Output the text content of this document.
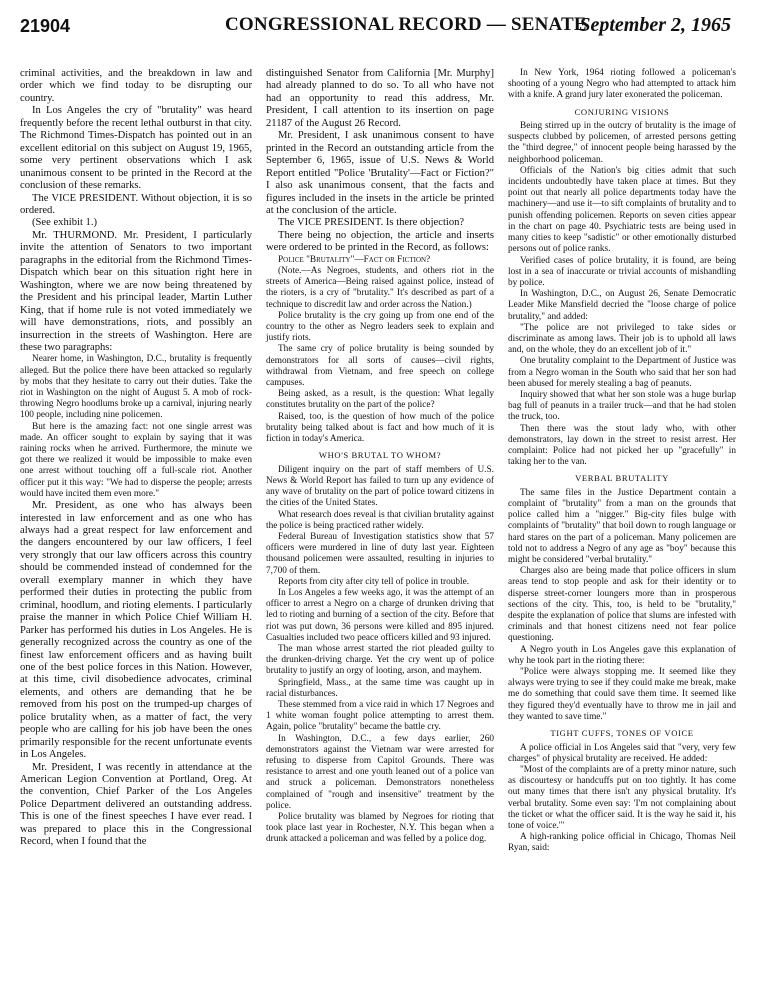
21904	CONGRESSIONAL RECORD — SENATE
September 2, 1965

criminal activities, and the breakdown in law and order which we find today to be disrupting our country.

In Los Angeles the cry of "brutality" was heard frequently before the recent lethal outburst in that city. The Richmond Times-Dispatch has pointed out in an excellent editorial on this subject on August 19, 1965, some very pertinent observations which I ask unanimous consent to be printed in the Record at the conclusion of these remarks.

The VICE PRESIDENT. Without objection, it is so ordered.

(See exhibit 1.)

Mr. THURMOND. Mr. President, I particularly invite the attention of Senators to two important paragraphs in the editorial from the Richmond Times-Dispatch which bear on this situation right here in Washington, where we are now being threatened by the President and his principal leader, Martin Luther King, that if home rule is not voted immediately we will have demonstrations, riots, and possibly an insurrection in the streets of Washington. Here are these two paragraphs:

Nearer home, in Washington, D.C., brutality is frequently alleged. But the police there have been attacked so regularly by mobs that they hesitate to carry out their duties. Take the riot in Washington on the night of August 5. A mob of rock-throwing Negro hoodlums broke up a carnival, injuring nearly 100 people, including nine policemen.

But here is the amazing fact: not one single arrest was made. An officer sought to explain by saying that it was raining rocks when he arrived. Furthermore, the minute we got there we realized it would be impossible to make even one arrest without touching off a full-scale riot. Another officer put it this way: "We had to disperse the people; arrests would have incited them even more."

Mr. President, as one who has always been interested in law enforcement and as one who has always had a great respect for law enforcement and the dangers encountered by our law officers, I feel very strongly that our law officers across this country should be commended instead of condemned for the overall exemplary manner in which they have performed their duties in protecting the public from criminal, hoodlum, and rioting elements. I particularly praise the manner in which Police Chief William H. Parker has performed his duties in Los Angeles. He is generally recognized across the country as one of the finest law enforcement officers and as having built one of the best police forces in this Nation. However, at this time, civil disobedience advocates, criminal elements, and others are demanding that he be removed from his post on the trumped-up charges of police brutality when, as a matter of fact, the very people who are calling for his job have been the ones primarily responsible for the recent unfortunate events in Los Angeles.

Mr. President, I was recently in attendance at the American Legion Convention at Portland, Oreg. At the convention, Chief Parker of the Los Angeles Police Department delivered an outstanding address. This is one of the finest speeches I have ever read. I was prepared to place this in the Congressional Record, when I found that the

distinguished Senator from California [Mr. Murphy] had already planned to do so. To all who have not had an opportunity to read this address, Mr. President, I call attention to its insertion on page 21187 of the August 26 Record.

Mr. President, I ask unanimous consent to have printed in the Record an outstanding article from the September 6, 1965, issue of U.S. News & World Report entitled "Police 'Brutality'—Fact or Fiction?" I also ask unanimous consent, that the facts and figures included in the insets in the article be printed at the conclusion of the article.

The VICE PRESIDENT. Is there objection?

There being no objection, the article and inserts were ordered to be printed in the Record, as follows:

Police "Brutality"—Fact or Fiction?

(Note.—As Negroes, students, and others riot in the streets of America—Being raised against police, instead of the rioters, is a cry of "brutality." It's described as part of a technique to discredit law and order across the Nation.)

Police brutality is the cry going up from one end of the country to the other as Negro leaders seek to explain and justify riots.

The same cry of police brutality is being sounded by demonstrators for all sorts of causes—civil rights, withdrawal from Vietnam, and free speech on college campuses.

Being asked, as a result, is the question: What legally constitutes brutality on the part of the police?

Raised, too, is the question of how much of the police brutality being talked about is fact and how much of it is fiction in today's America.

WHO'S BRUTAL TO WHOM?

Diligent inquiry on the part of staff members of U.S. News & World Report has failed to turn up any evidence of any wave of brutality on the part of police toward citizens in the cities of the United States.

What research does reveal is that civilian brutality against the police is being practiced rather widely.

Federal Bureau of Investigation statistics show that 57 officers were murdered in line of duty last year. Eighteen thousand policemen were assaulted, resulting in injuries to 7,700 of them.

Reports from city after city tell of police in trouble.

In Los Angeles a few weeks ago, it was the attempt of an officer to arrest a Negro on a charge of drunken driving that led to rioting and burning of a section of the city. Before that riot was put down, 36 persons were killed and 895 injured. Casualties included two peace officers killed and 93 injured.

The man whose arrest started the riot pleaded guilty to the drunken-driving charge. Yet the cry went up of police brutality to justify an orgy of looting, arson, and mayhem.

Springfield, Mass., at the same time was caught up in racial disturbances.

These stemmed from a vice raid in which 17 Negroes and 1 white woman fought police attempting to arrest them. Again, police "brutality" became the battle cry.

In Washington, D.C., a few days earlier, 260 demonstrators against the Vietnam war were arrested for refusing to disperse from Capitol Grounds. There was resistance to arrest and one youth leaned out of a police van and struck a policeman. Demonstrators nonetheless complained of "rough and insensitive" treatment by the police.

Police brutality was blamed by Negroes for rioting that took place last year in Rochester, N.Y. This began when a drunk attacked a policeman and was felled by a police dog.

In New York, 1964 rioting followed a policeman's shooting of a young Negro who had attempted to attack him with a knife. A grand jury later exonerated the policeman.

CONJURING VISIONS

Being stirred up in the outcry of brutality is the image of suspects clubbed by policemen, of arrested persons getting the "third degree," of innocent people being harassed by the neighborhood policeman.

Officials of the Nation's big cities admit that such incidents undoubtedly have taken place at times. But they point out that nearly all police departments today have the machinery—and use it—to sift complaints of brutality and to punish offending policemen. Reports on seven cities appear in the chart on page 40. Psychiatric tests are being used in many cities to keep "sadistic" or other emotionally disturbed persons out of police ranks.

Verified cases of police brutality, it is found, are being lost in a sea of inaccurate or trivial accounts of mishandling by police.

In Washington, D.C., on August 26, Senate Democratic Leader Mike Mansfield decried the "loose charge of police brutality," and added:

"The police are not privileged to take sides or discriminate as among laws. Their job is to uphold all laws and, on the whole, they do an excellent job of it."

One brutality complaint to the Department of Justice was from a Negro woman in the South who said that her son had been abused for merely stealing a bag of peanuts.

Inquiry showed that what her son stole was a huge burlap bag full of peanuts in a trailer truck—and that he had stolen the truck, too.

Then there was the stout lady who, with other demonstrators, lay down in the street to resist arrest. Her complaint: Police had not picked her up "gracefully" in taking her to the van.

VERBAL BRUTALITY

The same files in the Justice Department contain a complaint of "brutality" from a man on the grounds that police called him a "nigger." Big-city files bulge with complaints of "brutality" that boil down to rough language or hard stares on the part of a policeman. Many policemen are told not to address a Negro of any age as "boy" because this might be considered "verbal brutality."

Charges also are being made that police officers in slum areas tend to stop people and ask for their identity or to disperse street-corner loungers more than in prosperous sections of the city. This, too, is held to be "brutality," despite the explanation of police that slums are infested with criminals and that honest citizens need not fear police questioning.

A Negro youth in Los Angeles gave this explanation of why he took part in the rioting there:

"Police were always stopping me. It seemed like they always were trying to see if they could make me break, make me do something that could save them time. It seemed like they figured they'd eventually have to throw me in jail and they wanted to save time."

TIGHT CUFFS, TONES OF VOICE

A police official in Los Angeles said that "very, very few charges" of physical brutality are received. He added:

"Most of the complaints are of a pretty minor nature, such as discourtesy or handcuffs put on too tightly. It has come out many times that there isn't any physical brutality. It's verbal brutality. Some even say: 'I'm not complaining about the ticket or what the officer said. It is the way he said it, his tone of voice.'"

A high-ranking police official in Chicago, Thomas Neil Ryan, said:
